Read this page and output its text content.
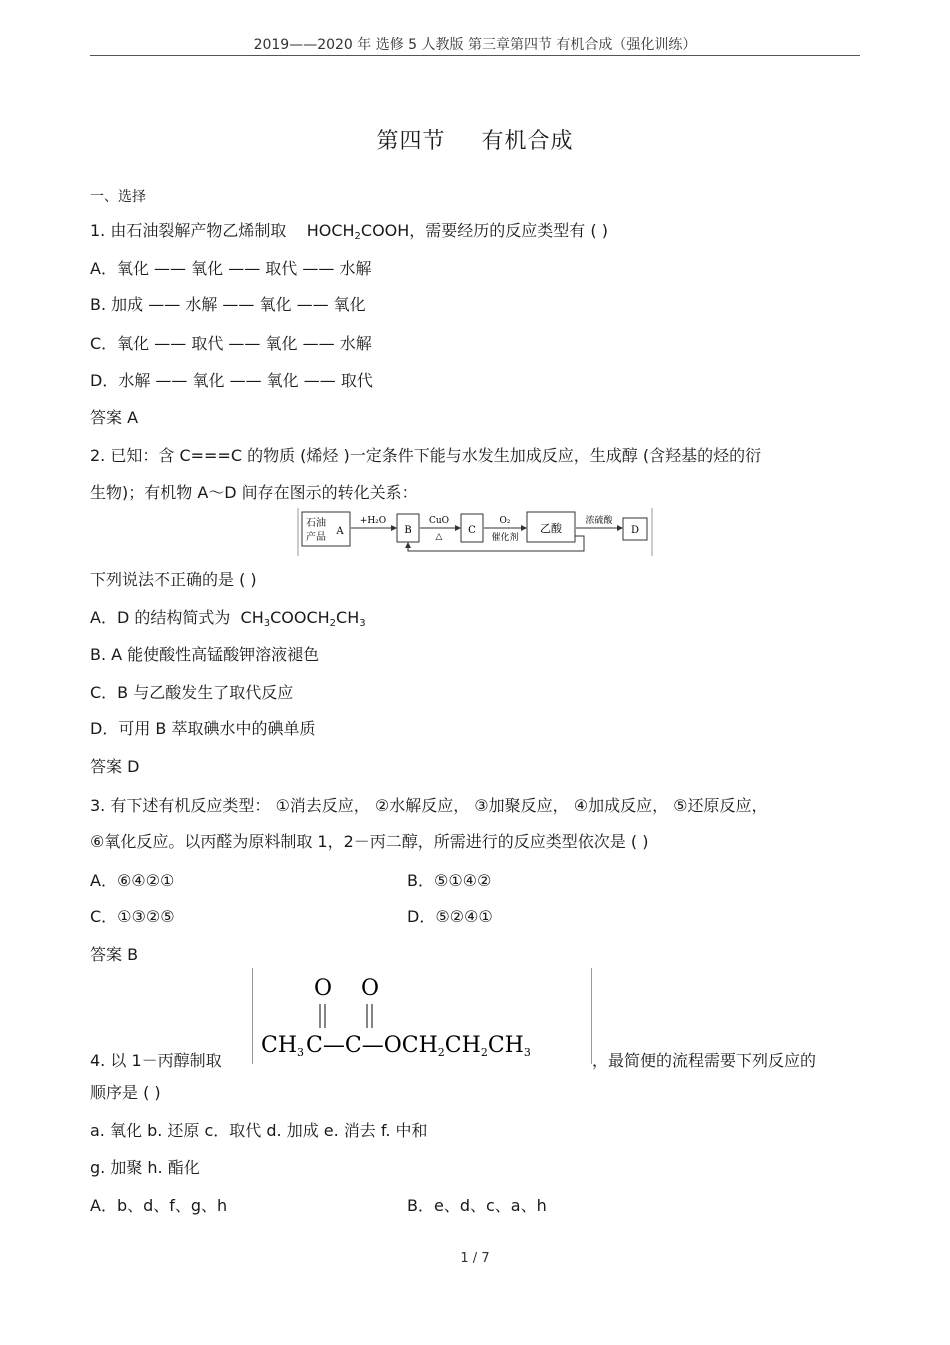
2019——2020 年 选修 5 人教版 第三章第四节 有机合成（强化训练）
第四节 有机合成
一、选择
1. 由石油裂解产物乙烯制取 $HOCH_2COOH$，需要经历的反应类型有 ( )
A．氧化 —— 氧化 —— 取代 —— 水解
B. 加成 —— 水解 —— 氧化 —— 氧化
C．氧化 —— 取代 —— 氧化 —— 水解
D．水解 —— 氧化 —— 氧化 —— 取代
答案 A
2. 已知：含 C===C 的物质 (烯烃 )一定条件下能与水发生加成反应，生成醇 (含羟基的烃的衍
生物)；有机物 A～D 间存在图示的转化关系：
石油
产品
A
+H₂O
B
CuO
△
C
O₂
催化剂
乙酸
浓硫酸
D
下列说法不正确的是 ( )
A．D 的结构简式为 $CH_3COOCH_2CH_3$
B. A 能使酸性高锰酸钾溶液褪色
C．B 与乙酸发生了取代反应
D．可用 B 萃取碘水中的碘单质
答案 D
3. 有下述有机反应类型： ①消去反应， ②水解反应， ③加聚反应， ④加成反应， ⑤还原反应，
⑥氧化反应。以丙醛为原料制取 1，2－丙二醇，所需进行的反应类型依次是 ( )
A．⑥④②①	B．⑤①④②
C．①③②⑤	D．⑤②④①
答案 B
4. 以 1－丙醇制取
O O
CH3C—C—OCH2CH2CH3	，最简便的流程需要下列反应的
顺序是 ( )
a. 氧化 b. 还原 c．取代 d. 加成 e. 消去 f. 中和
g. 加聚 h. 酯化
A．b、d、f、g、h	B．e、d、c、a、h
1 / 7
